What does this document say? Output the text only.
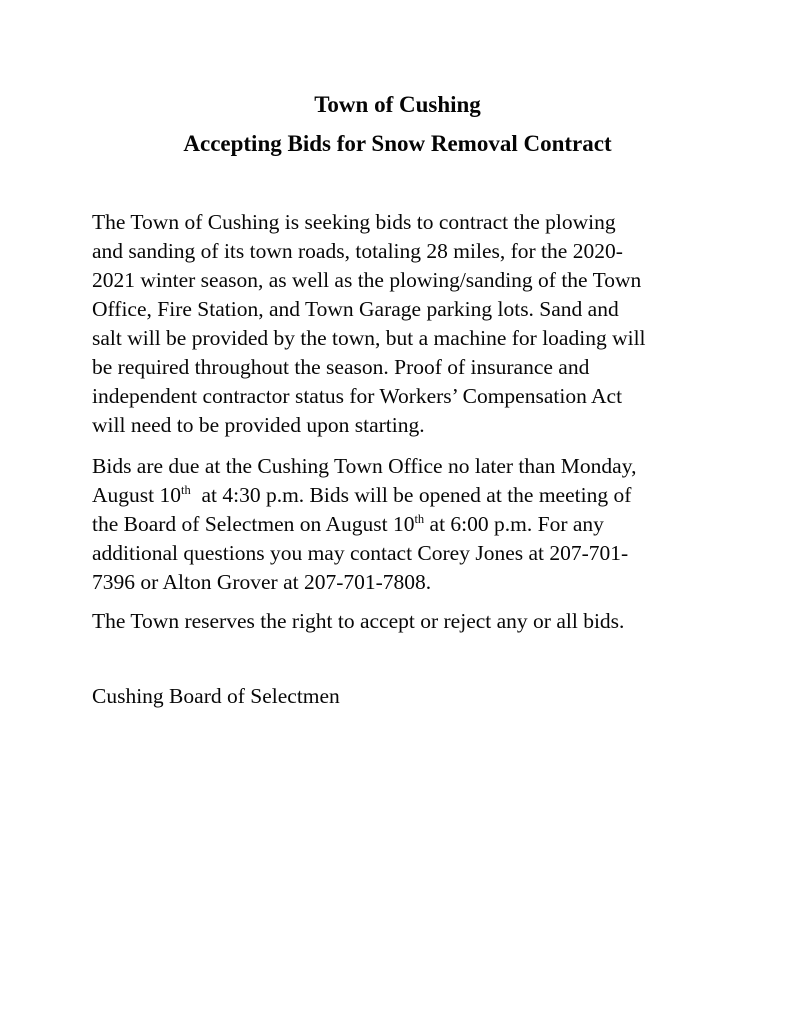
Town of Cushing
Accepting Bids for Snow Removal Contract
The Town of Cushing is seeking bids to contract the plowing
and sanding of its town roads, totaling 28 miles, for the 2020-
2021 winter season, as well as the plowing/sanding of the Town
Office, Fire Station, and Town Garage parking lots. Sand and
salt will be provided by the town, but a machine for loading will
be required throughout the season. Proof of insurance and
independent contractor status for Workers’ Compensation Act
will need to be provided upon starting.
Bids are due at the Cushing Town Office no later than Monday,
August 10th  at 4:30 p.m. Bids will be opened at the meeting of
the Board of Selectmen on August 10th at 6:00 p.m. For any
additional questions you may contact Corey Jones at 207-701-
7396 or Alton Grover at 207-701-7808.
The Town reserves the right to accept or reject any or all bids.

Cushing Board of Selectmen
